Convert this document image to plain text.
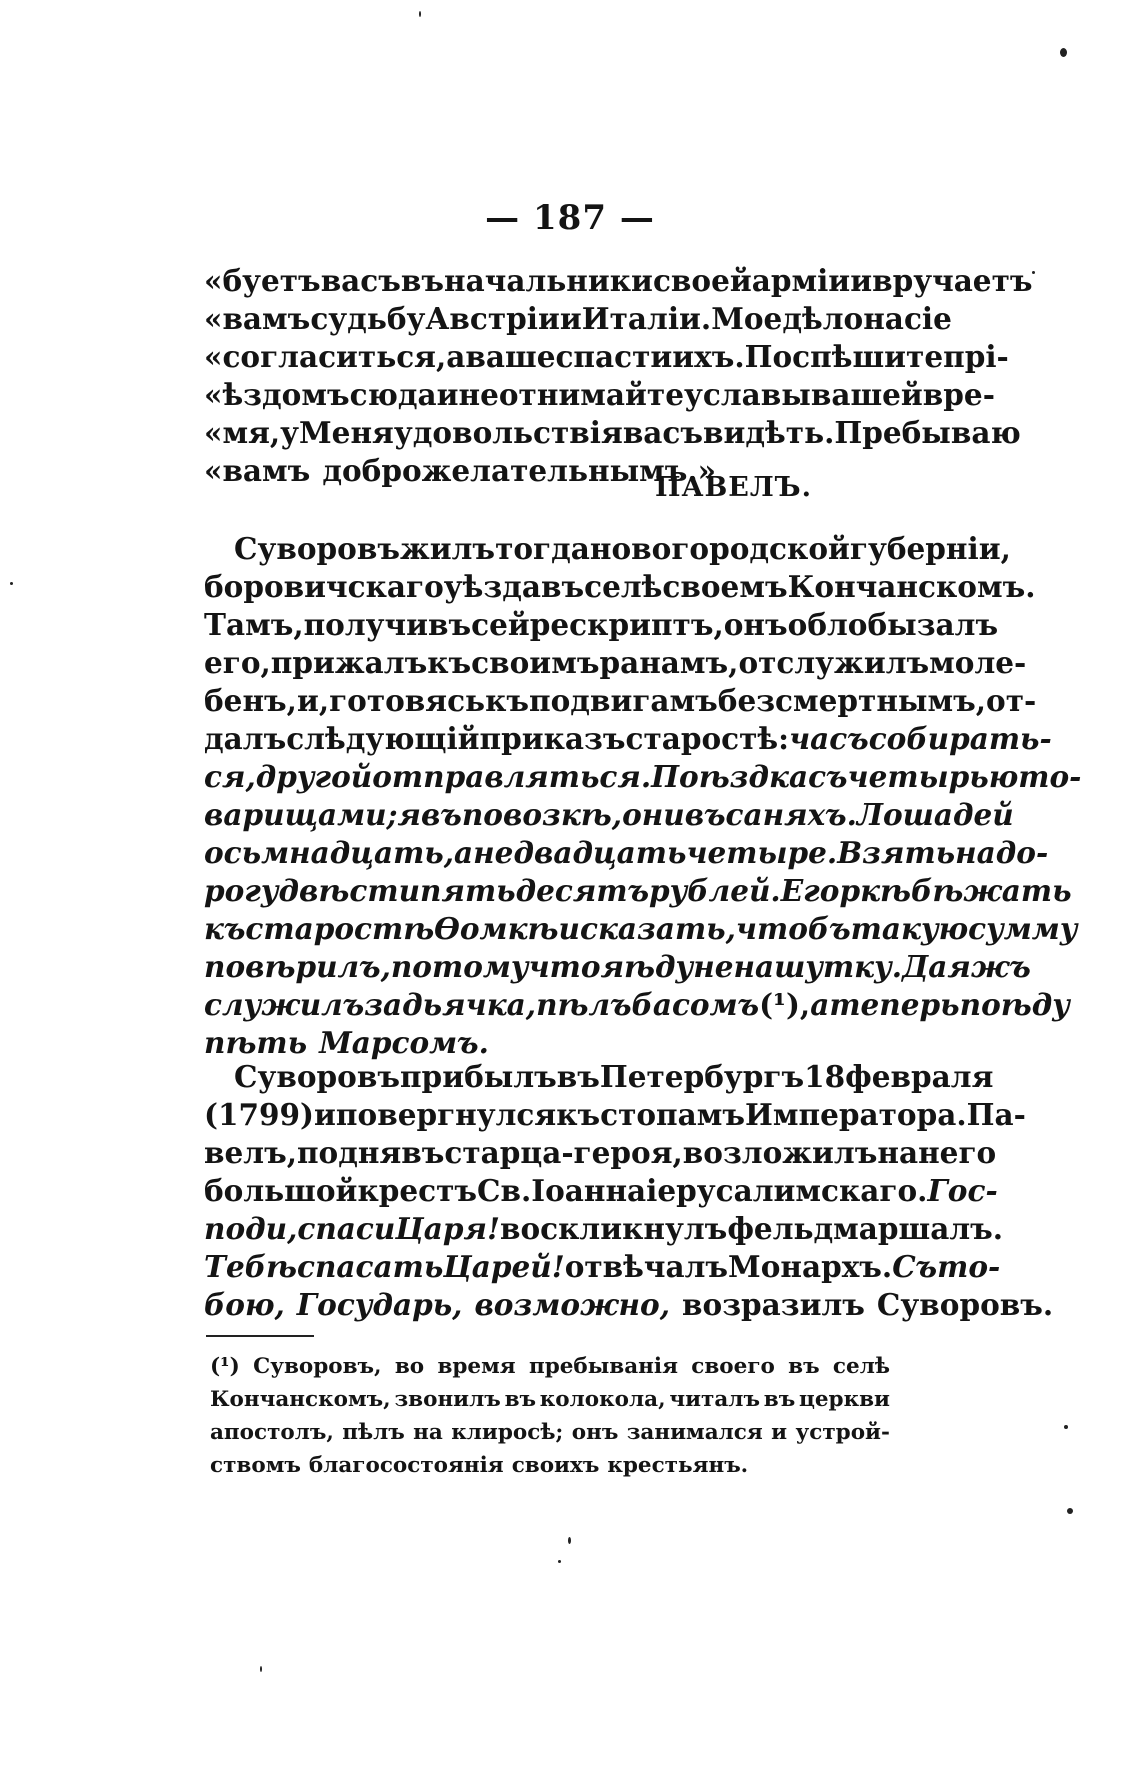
— 187 —
«буетъ васъ въ начальники своей арміи и вручаетъ
«вамъ судьбу Австріи и Италіи. Мое дѣло на сіе
«согласиться, а ваше спасти ихъ. Поспѣшите прі-
«ѣздомъ сюда и не отнимайте у славы вашей вре-
«мя, у Меня удовольствія васъ видѣть. Пребываю
«вамъ доброжелательнымъ.»
ПАВЕЛЪ.
Суворовъ жилъ тогда новогородской губерніи,
боровичскаго уѣзда въ селѣ своемъ Кончанскомъ.
Тамъ, получивъ сей рескриптъ, онъ облобызалъ
его, прижалъ къ своимъ ранамъ, отслужилъ моле-
бенъ, и, готовясь къ подвигамъ безсмертнымъ, от-
далъ слѣдующій приказъ старостѣ : часъ собирать-
ся, другой отправляться. Поѣздка съ четырью то-
варищами; я въ повозкѣ, они въ саняхъ. Лошадей
осьмнадцать, а не двадцать четыре. Взять на до-
рогу двѣсти пятьдесятъ рублей. Егоркѣ бѣжать
къ старостѣ Ѳомкѣ и сказать, чтобъ такую сумму
повѣрилъ, потому что я ѣду не на шутку. Да яжъ
служилъ за дьячка, пѣлъ басомъ (¹), а теперь поѣду
пѣть Марсомъ.
Суворовъ прибылъ въ Петербургъ 18 февраля
(1799) и повергнулся къ стопамъ Императора. Па-
велъ, поднявъ старца-героя, возложилъ на него
большой крестъ Св. Іоанна іерусалимскаго. Гос-
поди, спаси Царя! воскликнулъ фельдмаршалъ.
Тебѣ спасать Царей! отвѣчалъ Монархъ. Съ то-
бою, Государь, возможно, возразилъ Суворовъ.
(¹) Суворовъ, во время пребыванія своего въ селѣ
Кончанскомъ, звонилъ въ колокола, читалъ въ церкви
апостолъ, пѣлъ на клиросѣ; онъ занимался и устрой-
ствомъ благосостоянія своихъ крестьянъ.
